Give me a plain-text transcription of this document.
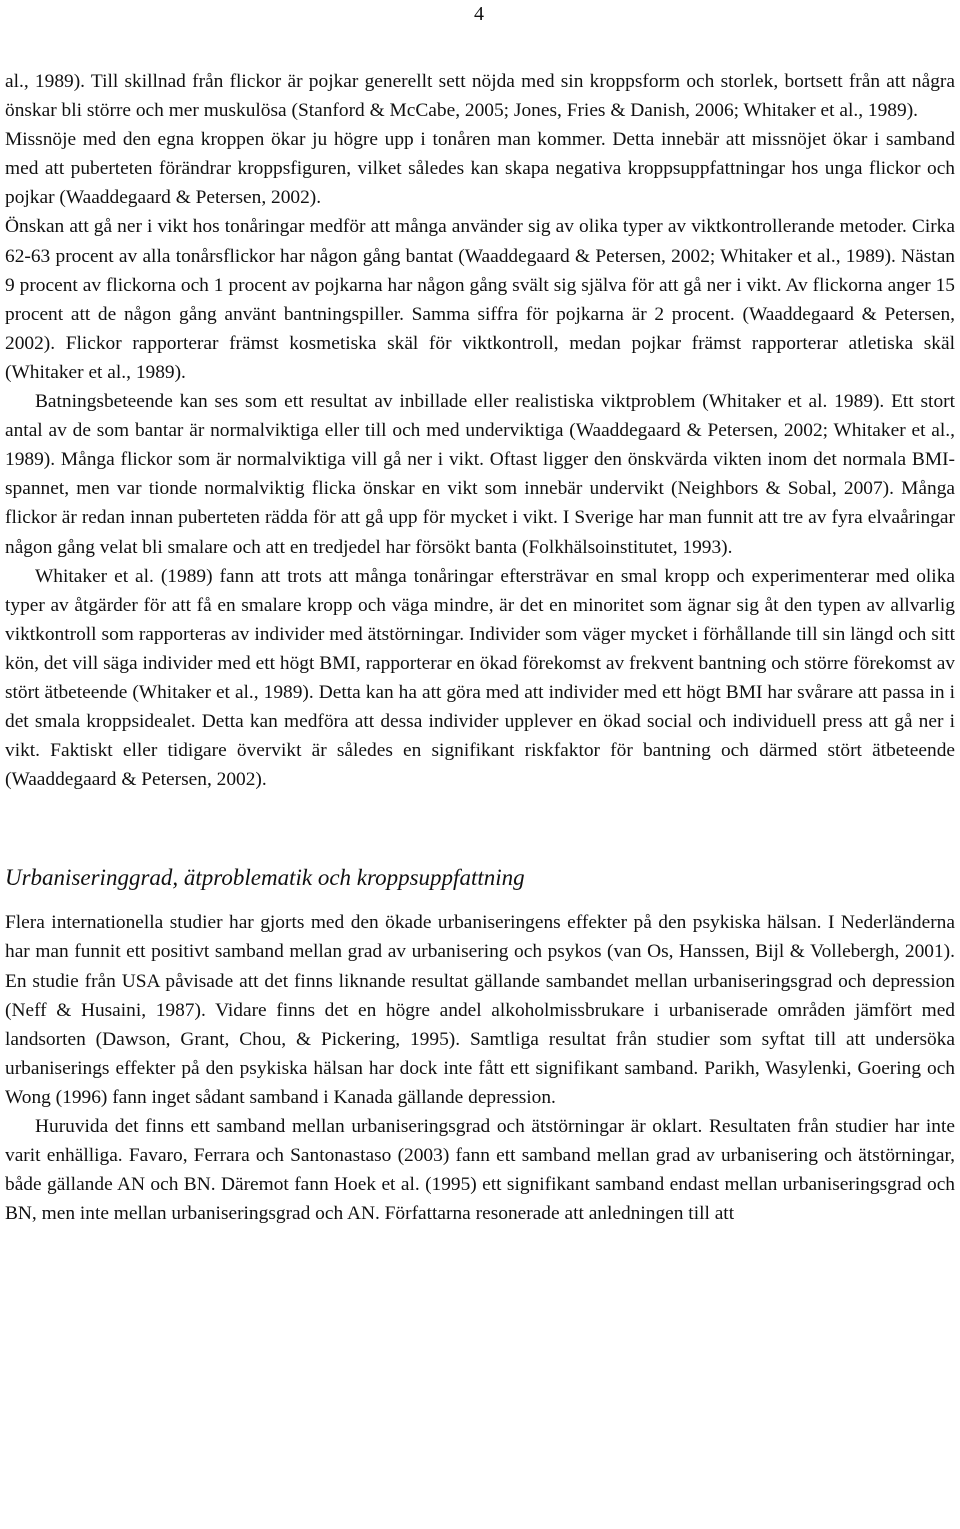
4

al., 1989). Till skillnad från flickor är pojkar generellt sett nöjda med sin kroppsform och storlek, bortsett från att några önskar bli större och mer muskulösa (Stanford & McCabe, 2005; Jones, Fries & Danish, 2006; Whitaker et al., 1989).

Missnöje med den egna kroppen ökar ju högre upp i tonåren man kommer. Detta innebär att missnöjet ökar i samband med att puberteten förändrar kroppsfiguren, vilket således kan skapa negativa kroppsuppfattningar hos unga flickor och pojkar (Waaddegaard & Petersen, 2002).

Önskan att gå ner i vikt hos tonåringar medför att många använder sig av olika typer av viktkontrollerande metoder. Cirka 62-63 procent av alla tonårsflickor har någon gång bantat (Waaddegaard & Petersen, 2002; Whitaker et al., 1989). Nästan 9 procent av flickorna och 1 procent av pojkarna har någon gång svält sig själva för att gå ner i vikt. Av flickorna anger 15 procent att de någon gång använt bantningspiller. Samma siffra för pojkarna är 2 procent. (Waaddegaard & Petersen, 2002). Flickor rapporterar främst kosmetiska skäl för viktkontroll, medan pojkar främst rapporterar atletiska skäl (Whitaker et al., 1989).

Batningsbeteende kan ses som ett resultat av inbillade eller realistiska viktproblem (Whitaker et al. 1989). Ett stort antal av de som bantar är normalviktiga eller till och med underviktiga (Waaddegaard & Petersen, 2002; Whitaker et al., 1989). Många flickor som är normalviktiga vill gå ner i vikt. Oftast ligger den önskvärda vikten inom det normala BMI-spannet, men var tionde normalviktig flicka önskar en vikt som innebär undervikt (Neighbors & Sobal, 2007). Många flickor är redan innan puberteten rädda för att gå upp för mycket i vikt. I Sverige har man funnit att tre av fyra elvaåringar någon gång velat bli smalare och att en tredjedel har försökt banta (Folkhälsoinstitutet, 1993).

Whitaker et al. (1989) fann att trots att många tonåringar eftersträvar en smal kropp och experimenterar med olika typer av åtgärder för att få en smalare kropp och väga mindre, är det en minoritet som ägnar sig åt den typen av allvarlig viktkontroll som rapporteras av individer med ätstörningar. Individer som väger mycket i förhållande till sin längd och sitt kön, det vill säga individer med ett högt BMI, rapporterar en ökad förekomst av frekvent bantning och större förekomst av stört ätbeteende (Whitaker et al., 1989). Detta kan ha att göra med att individer med ett högt BMI har svårare att passa in i det smala kroppsidealet. Detta kan medföra att dessa individer upplever en ökad social och individuell press att gå ner i vikt. Faktiskt eller tidigare övervikt är således en signifikant riskfaktor för bantning och därmed stört ätbeteende (Waaddegaard & Petersen, 2002).

Urbaniseringgrad, ätproblematik och kroppsuppfattning

Flera internationella studier har gjorts med den ökade urbaniseringens effekter på den psykiska hälsan. I Nederländerna har man funnit ett positivt samband mellan grad av urbanisering och psykos (van Os, Hanssen, Bijl & Vollebergh, 2001). En studie från USA påvisade att det finns liknande resultat gällande sambandet mellan urbaniseringsgrad och depression (Neff & Husaini, 1987). Vidare finns det en högre andel alkoholmissbrukare i urbaniserade områden jämfört med landsorten (Dawson, Grant, Chou, & Pickering, 1995). Samtliga resultat från studier som syftat till att undersöka urbaniserings effekter på den psykiska hälsan har dock inte fått ett signifikant samband. Parikh, Wasylenki, Goering och Wong (1996) fann inget sådant samband i Kanada gällande depression.

Huruvida det finns ett samband mellan urbaniseringsgrad och ätstörningar är oklart. Resultaten från studier har inte varit enhälliga. Favaro, Ferrara och Santonastaso (2003) fann ett samband mellan grad av urbanisering och ätstörningar, både gällande AN och BN. Däremot fann Hoek et al. (1995) ett signifikant samband endast mellan urbaniseringsgrad och BN, men inte mellan urbaniseringsgrad och AN. Författarna resonerade att anledningen till att
